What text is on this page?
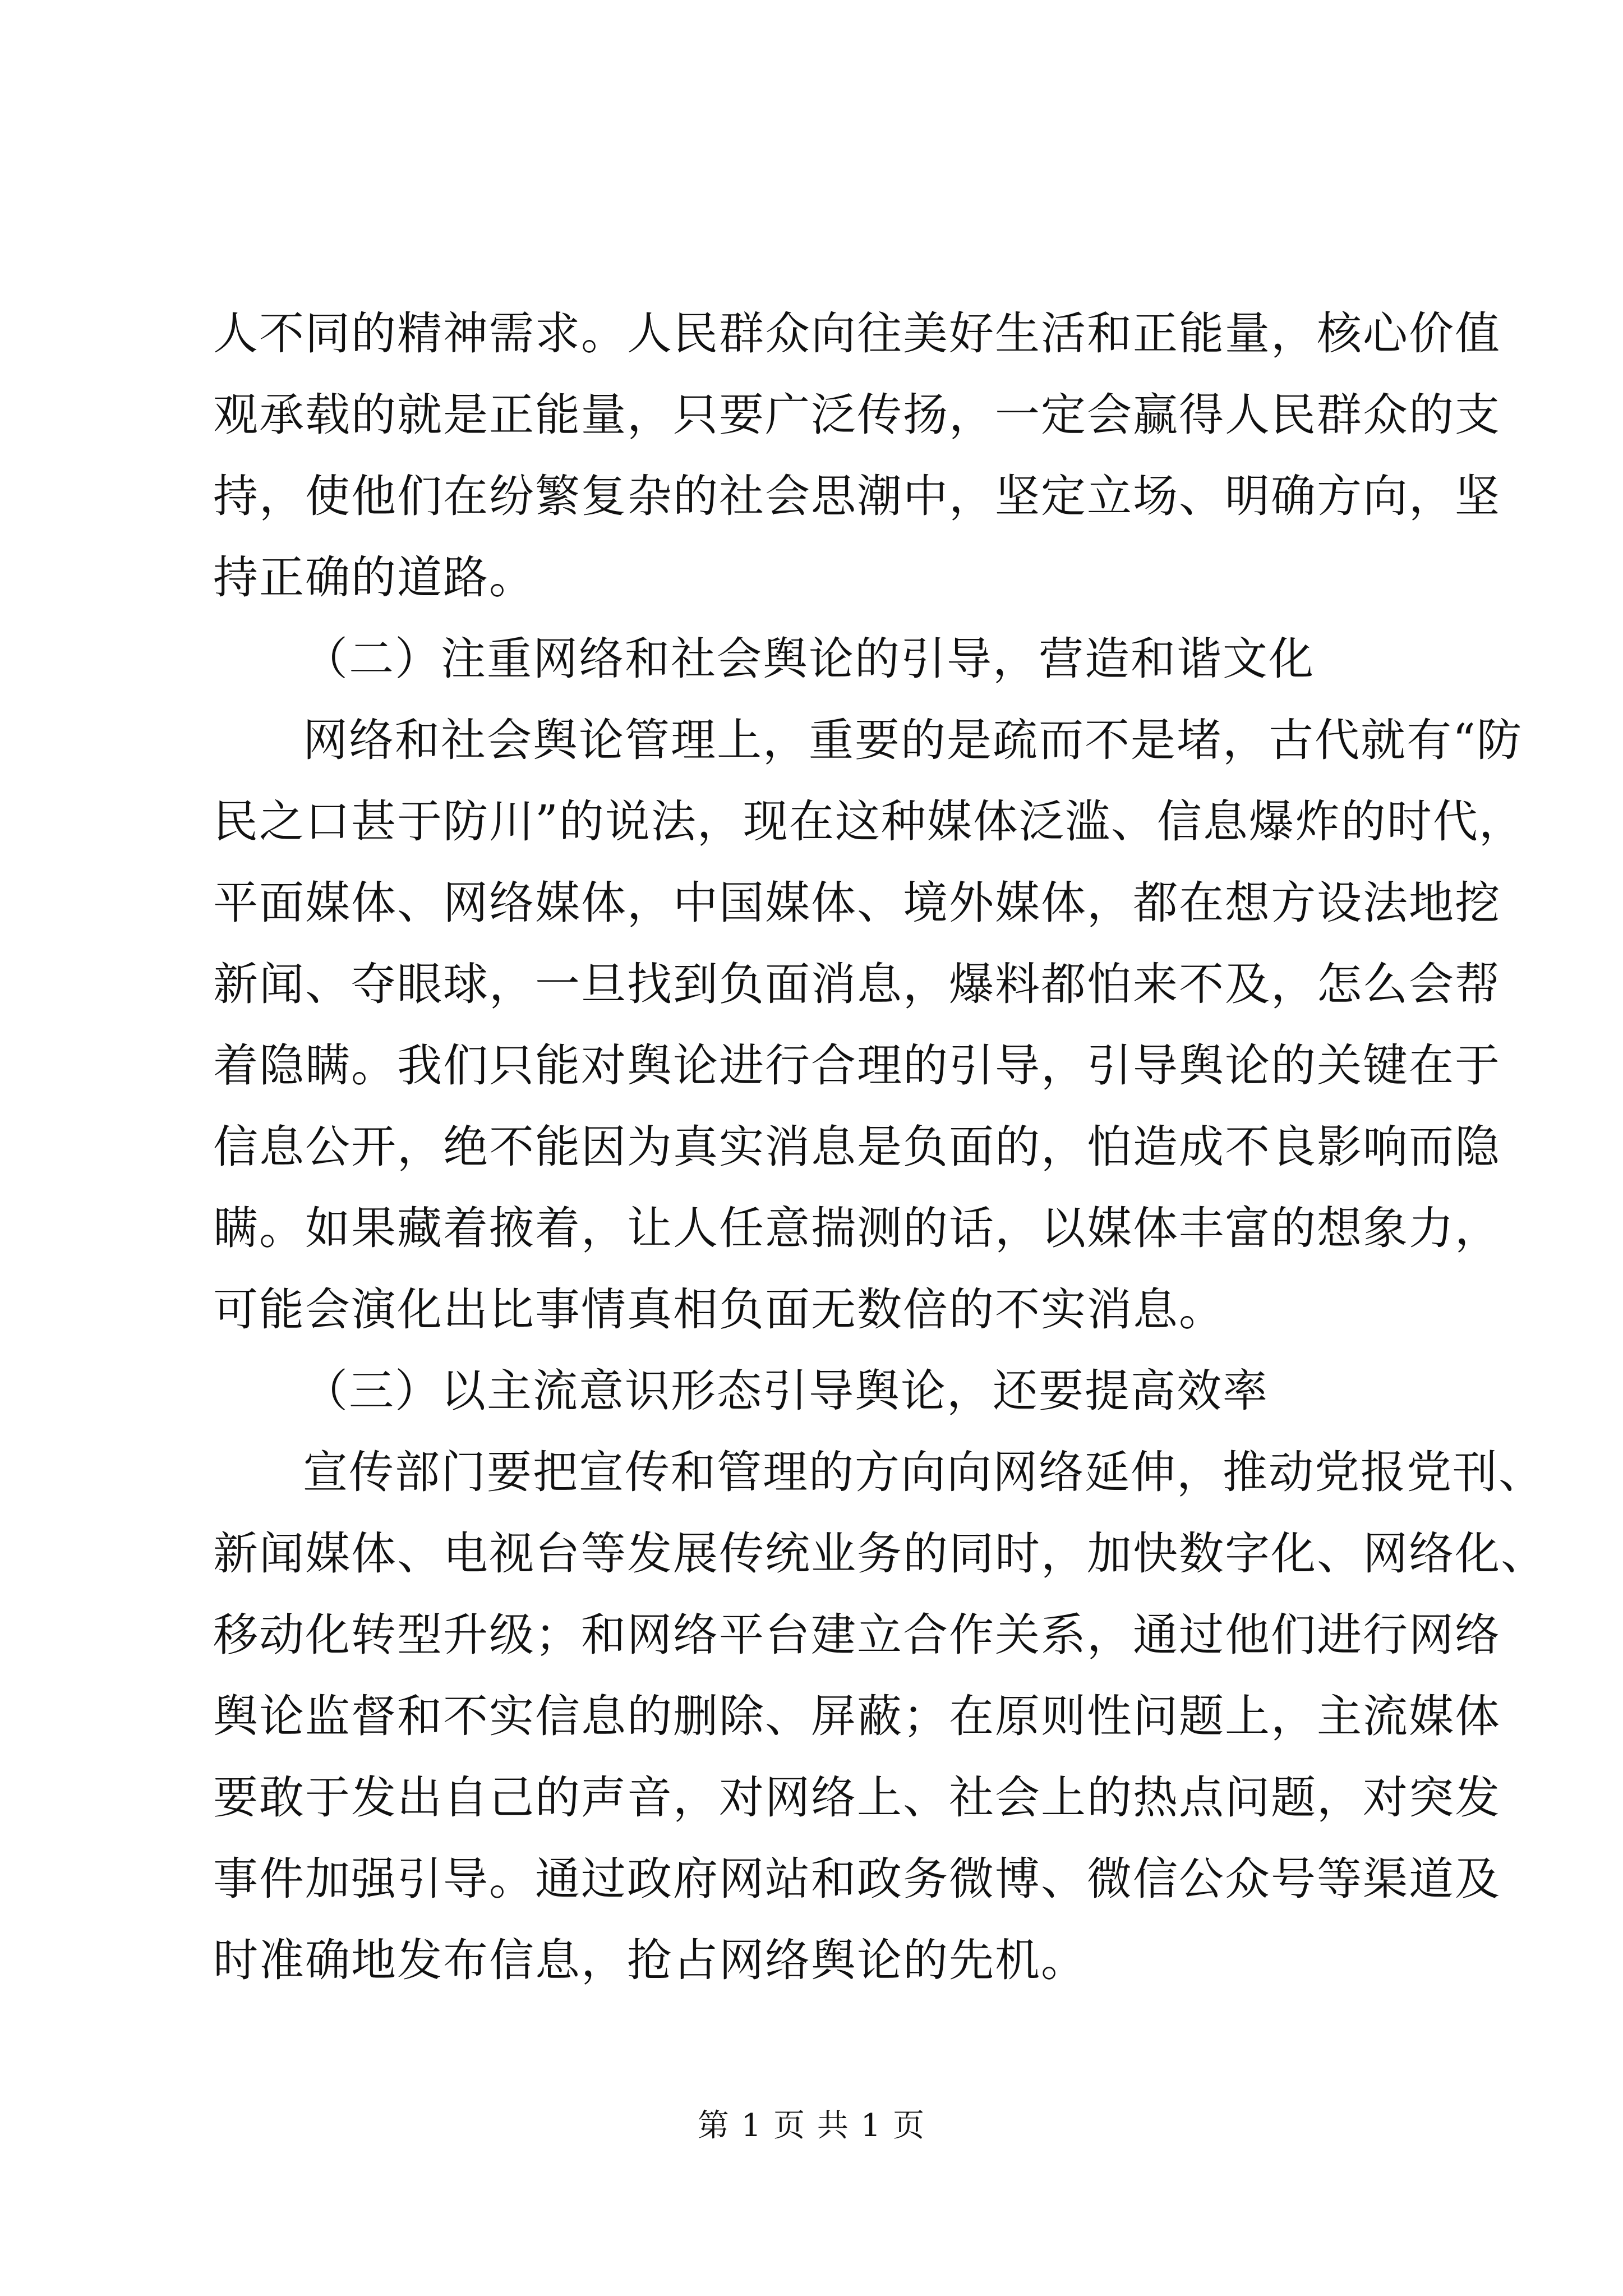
人不同的精神需求。人民群众向往美好生活和正能量，核心价值
观承载的就是正能量，只要广泛传扬，一定会赢得人民群众的支
持，使他们在纷繁复杂的社会思潮中，坚定立场、明确方向，坚
持正确的道路。
（二）注重网络和社会舆论的引导，营造和谐文化
网络和社会舆论管理上，重要的是疏而不是堵，古代就有“防
民之口甚于防川”的说法，现在这种媒体泛滥、信息爆炸的时代，
平面媒体、网络媒体，中国媒体、境外媒体，都在想方设法地挖
新闻、夺眼球，一旦找到负面消息，爆料都怕来不及，怎么会帮
着隐瞒。我们只能对舆论进行合理的引导，引导舆论的关键在于
信息公开，绝不能因为真实消息是负面的，怕造成不良影响而隐
瞒。如果藏着掖着，让人任意揣测的话，以媒体丰富的想象力，
可能会演化出比事情真相负面无数倍的不实消息。
（三）以主流意识形态引导舆论，还要提高效率
宣传部门要把宣传和管理的方向向网络延伸，推动党报党刊、
新闻媒体、电视台等发展传统业务的同时，加快数字化、网络化、
移动化转型升级；和网络平台建立合作关系，通过他们进行网络
舆论监督和不实信息的删除、屏蔽；在原则性问题上，主流媒体
要敢于发出自己的声音，对网络上、社会上的热点问题，对突发
事件加强引导。通过政府网站和政务微博、微信公众号等渠道及
时准确地发布信息，抢占网络舆论的先机。
第 1 页 共 1 页
